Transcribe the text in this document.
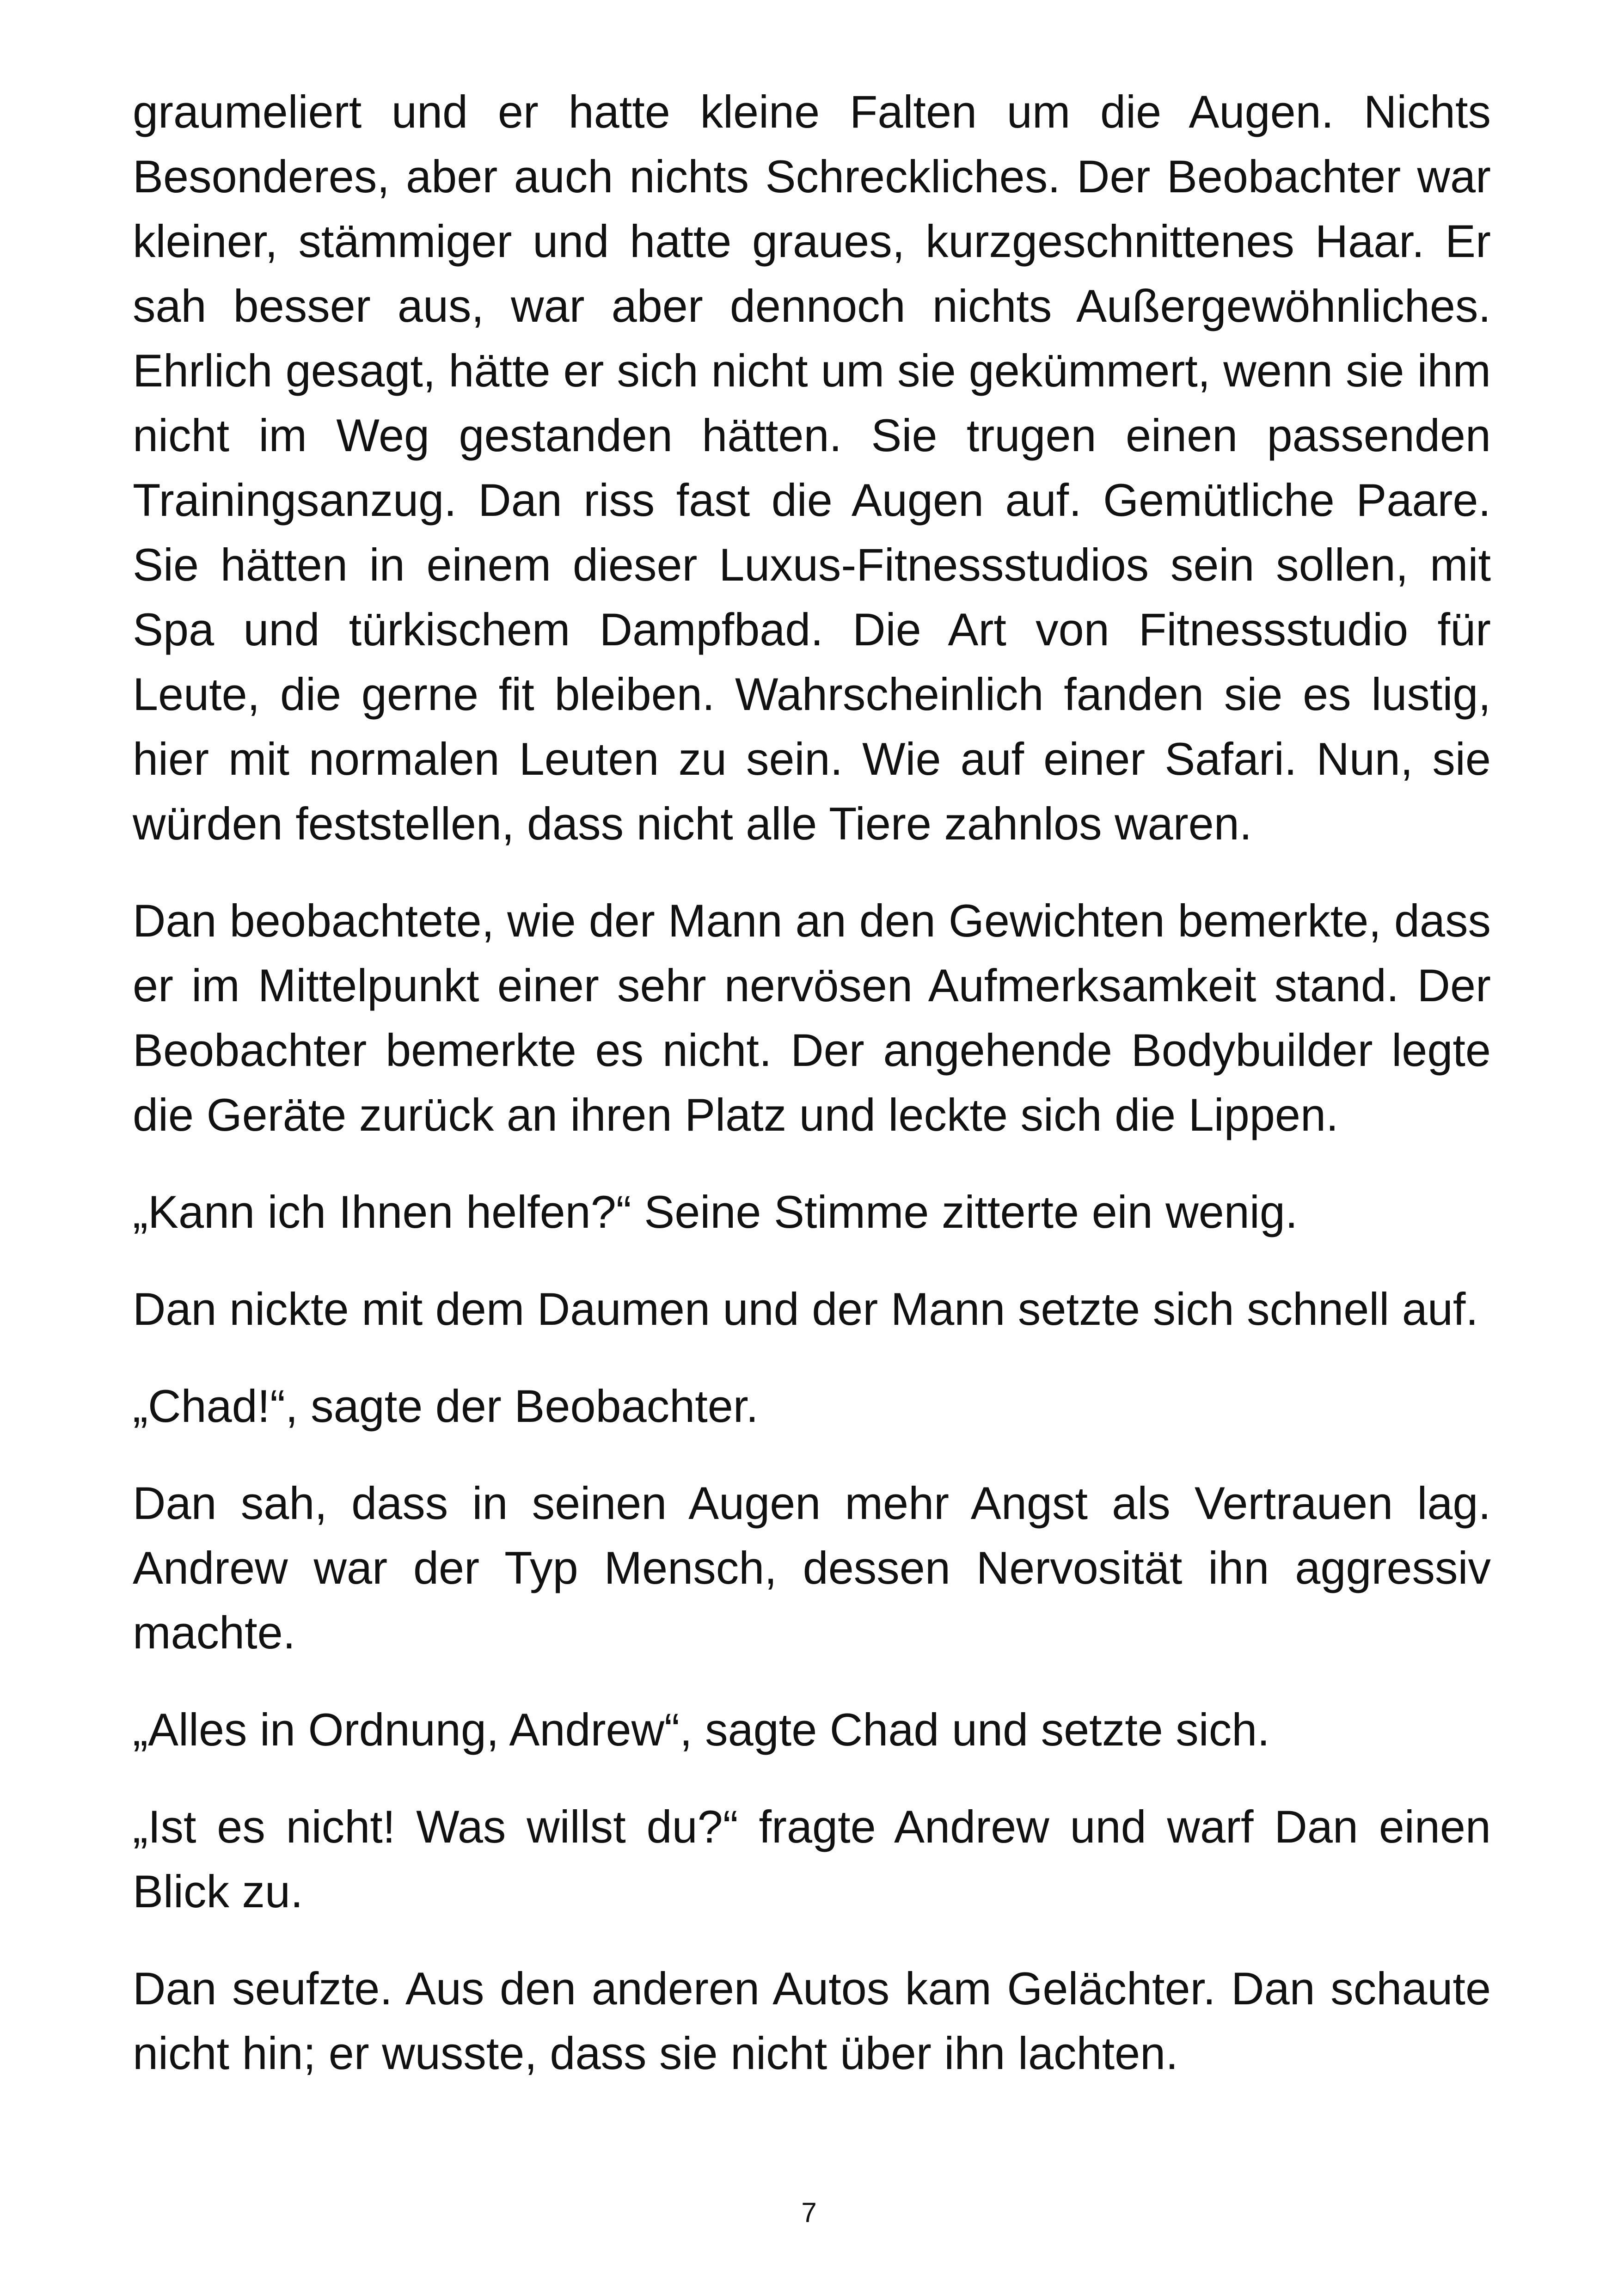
graumeliert und er hatte kleine Falten um die Augen. Nichts Besonderes, aber auch nichts Schreckliches. Der Beobachter war kleiner, stämmiger und hatte graues, kurzgeschnittenes Haar. Er sah besser aus, war aber dennoch nichts Außergewöhnliches. Ehrlich gesagt, hätte er sich nicht um sie gekümmert, wenn sie ihm nicht im Weg gestanden hätten. Sie trugen einen passenden Trainingsanzug. Dan riss fast die Augen auf. Gemütliche Paare. Sie hätten in einem dieser Luxus-Fitnessstudios sein sollen, mit Spa und türkischem Dampfbad. Die Art von Fitnessstudio für Leute, die gerne fit bleiben. Wahrscheinlich fanden sie es lustig, hier mit normalen Leuten zu sein. Wie auf einer Safari. Nun, sie würden feststellen, dass nicht alle Tiere zahnlos waren.

Dan beobachtete, wie der Mann an den Gewichten bemerkte, dass er im Mittelpunkt einer sehr nervösen Aufmerksamkeit stand. Der Beobachter bemerkte es nicht. Der angehende Bodybuilder legte die Geräte zurück an ihren Platz und leckte sich die Lippen.

„Kann ich Ihnen helfen?“ Seine Stimme zitterte ein wenig.

Dan nickte mit dem Daumen und der Mann setzte sich schnell auf.

„Chad!“, sagte der Beobachter.

Dan sah, dass in seinen Augen mehr Angst als Vertrauen lag. Andrew war der Typ Mensch, dessen Nervosität ihn aggressiv machte.

„Alles in Ordnung, Andrew“, sagte Chad und setzte sich.

„Ist es nicht! Was willst du?“ fragte Andrew und warf Dan einen Blick zu.

Dan seufzte. Aus den anderen Autos kam Gelächter. Dan schaute nicht hin; er wusste, dass sie nicht über ihn lachten.

7
